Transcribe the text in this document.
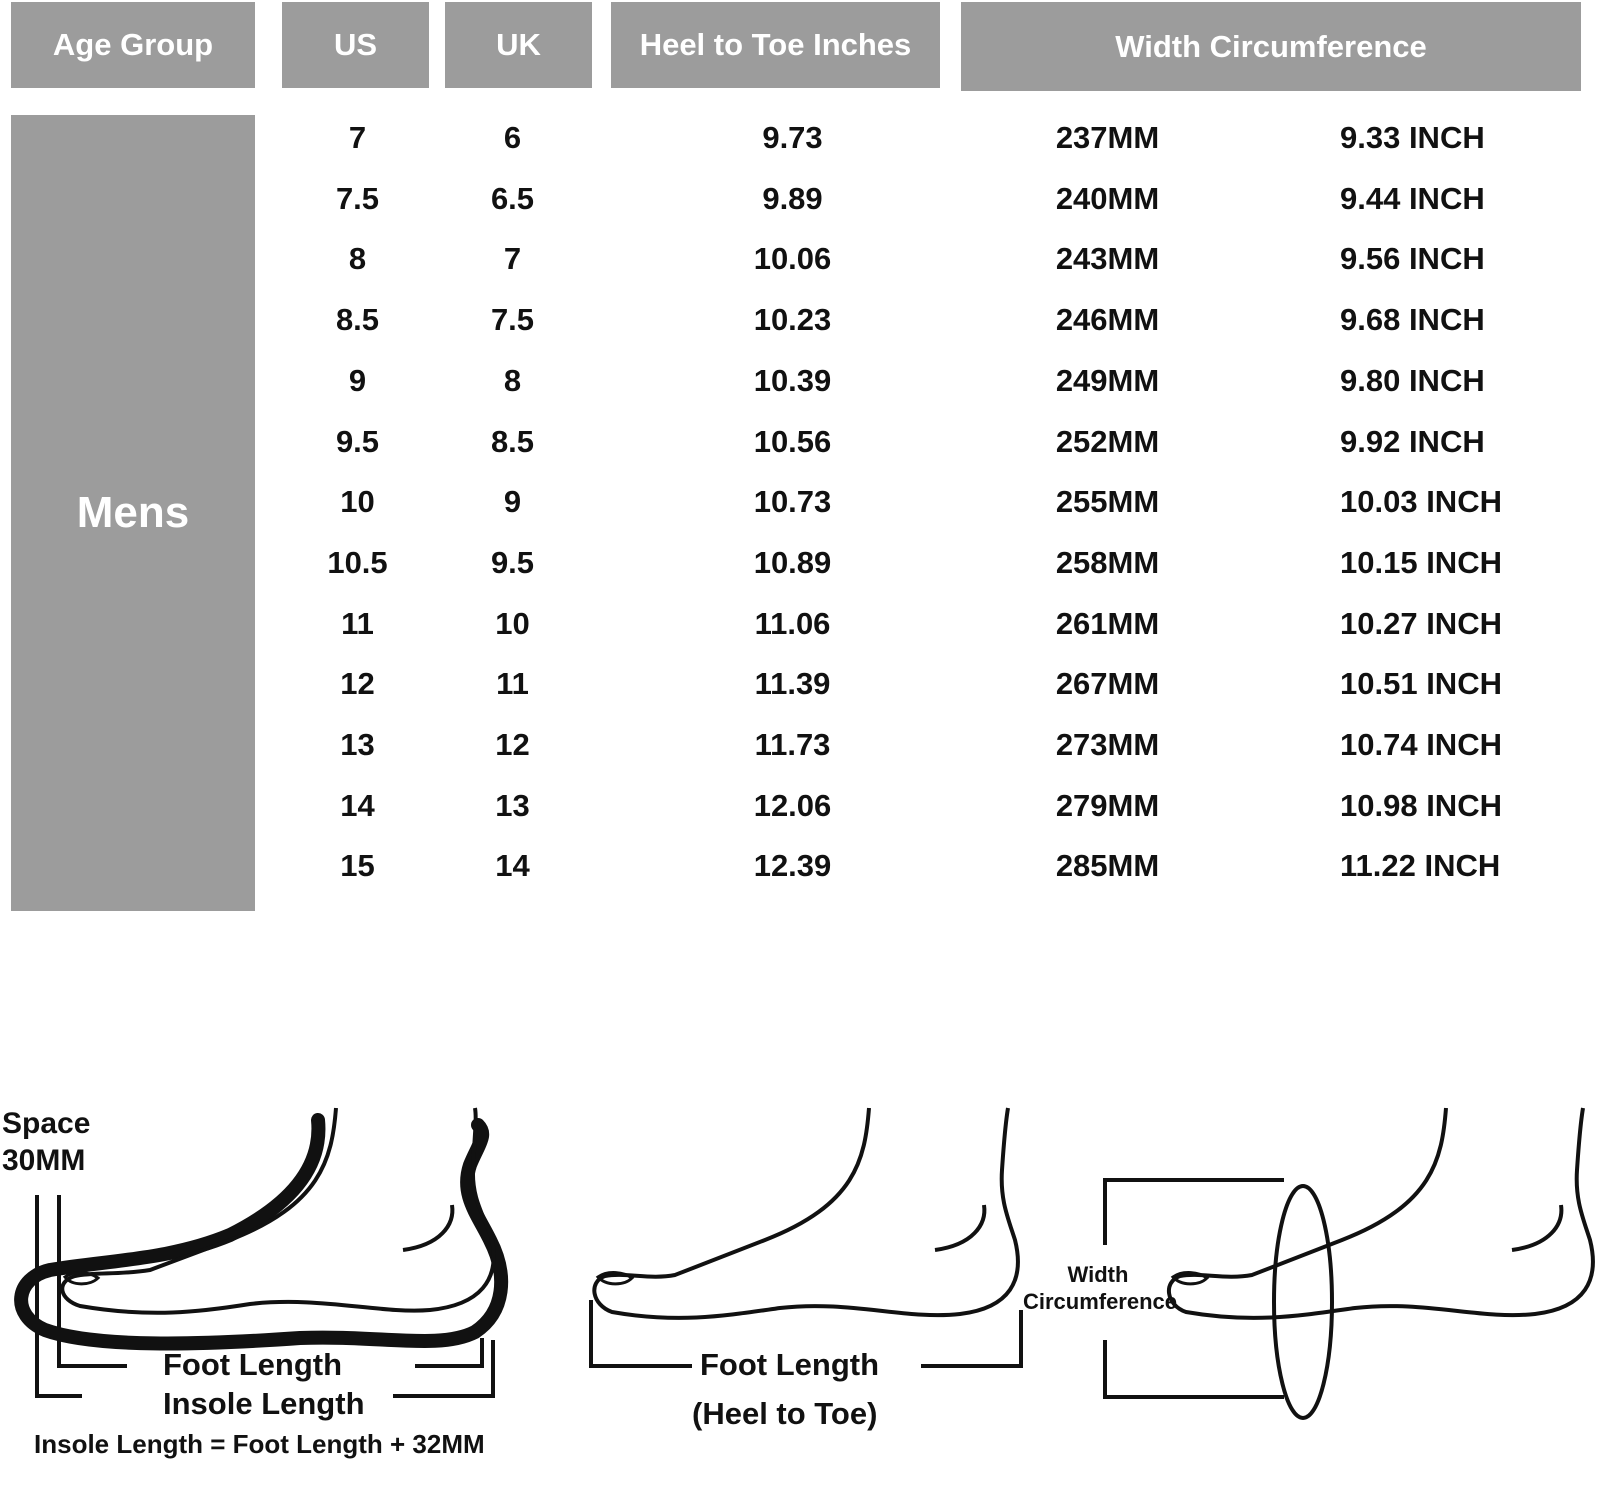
Age Group	US	UK	Heel to Toe Inches	Width Circumference
Mens
7	6	9.73	237MM	9.33 INCH
7.5	6.5	9.89	240MM	9.44 INCH
8	7	10.06	243MM	9.56 INCH
8.5	7.5	10.23	246MM	9.68 INCH
9	8	10.39	249MM	9.80 INCH
9.5	8.5	10.56	252MM	9.92 INCH
10	9	10.73	255MM	10.03 INCH
10.5	9.5	10.89	258MM	10.15 INCH
11	10	11.06	261MM	10.27 INCH
12	11	11.39	267MM	10.51 INCH
13	12	11.73	273MM	10.74 INCH
14	13	12.06	279MM	10.98 INCH
15	14	12.39	285MM	11.22 INCH
Space
30MM
Foot Length
Insole Length
Insole Length = Foot Length + 32MM
Foot Length
(Heel to Toe)
Width
Circumference
